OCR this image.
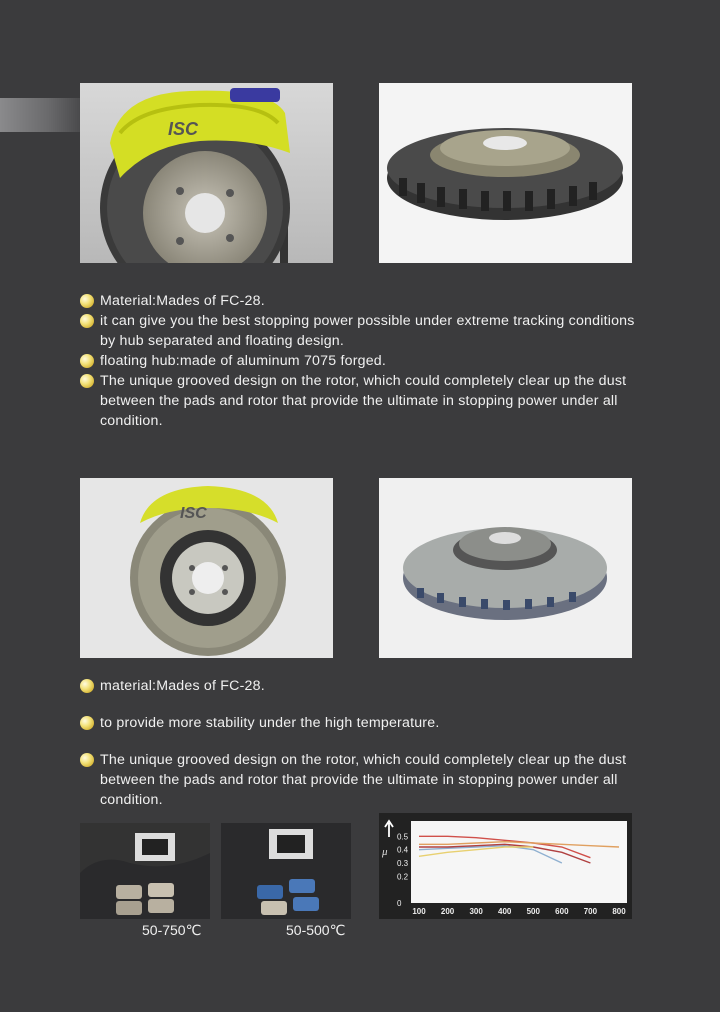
ISC
Material:Mades of FC-28.
it can give you the best stopping power possible under extreme tracking conditions by hub separated and floating design.
floating hub:made of aluminum 7075 forged.
The unique grooved design on the rotor, which could completely clear up the dust between the pads and rotor that provide the ultimate in stopping power under all condition.
ISC
material:Mades of FC-28.
to provide more stability under the high temperature.
The unique grooved design on the rotor, which could completely clear up the dust between the pads and rotor that provide the ultimate in stopping power under all condition.
50-750℃	50-500℃
μ
0.5
0.4
0.3
0.2
0
100 200 300 400 500 600 700 800
